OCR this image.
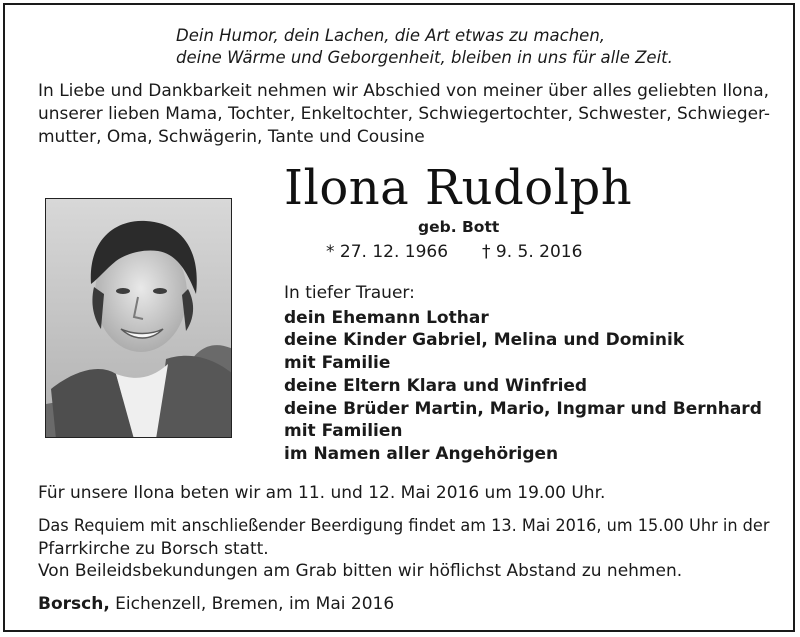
Dein Humor, dein Lachen, die Art etwas zu machen,
deine Wärme und Geborgenheit, bleiben in uns für alle Zeit.
In Liebe und Dankbarkeit nehmen wir Abschied von meiner über alles geliebten Ilona,
unserer lieben Mama, Tochter, Enkeltochter, Schwiegertochter, Schwester, Schwieger-
mutter, Oma, Schwägerin, Tante und Cousine
Ilona Rudolph
geb. Bott
* 27. 12. 1966 † 9. 5. 2016
In tiefer Trauer:
dein Ehemann Lothar
deine Kinder Gabriel, Melina und Dominik
mit Familie
deine Eltern Klara und Winfried
deine Brüder Martin, Mario, Ingmar und Bernhard
mit Familien
im Namen aller Angehörigen
Für unsere Ilona beten wir am 11. und 12. Mai 2016 um 19.00 Uhr.
Das Requiem mit anschließender Beerdigung findet am 13. Mai 2016, um 15.00 Uhr in der
Pfarrkirche zu Borsch statt.
Von Beileidsbekundungen am Grab bitten wir höflichst Abstand zu nehmen.
Borsch, Eichenzell, Bremen, im Mai 2016
